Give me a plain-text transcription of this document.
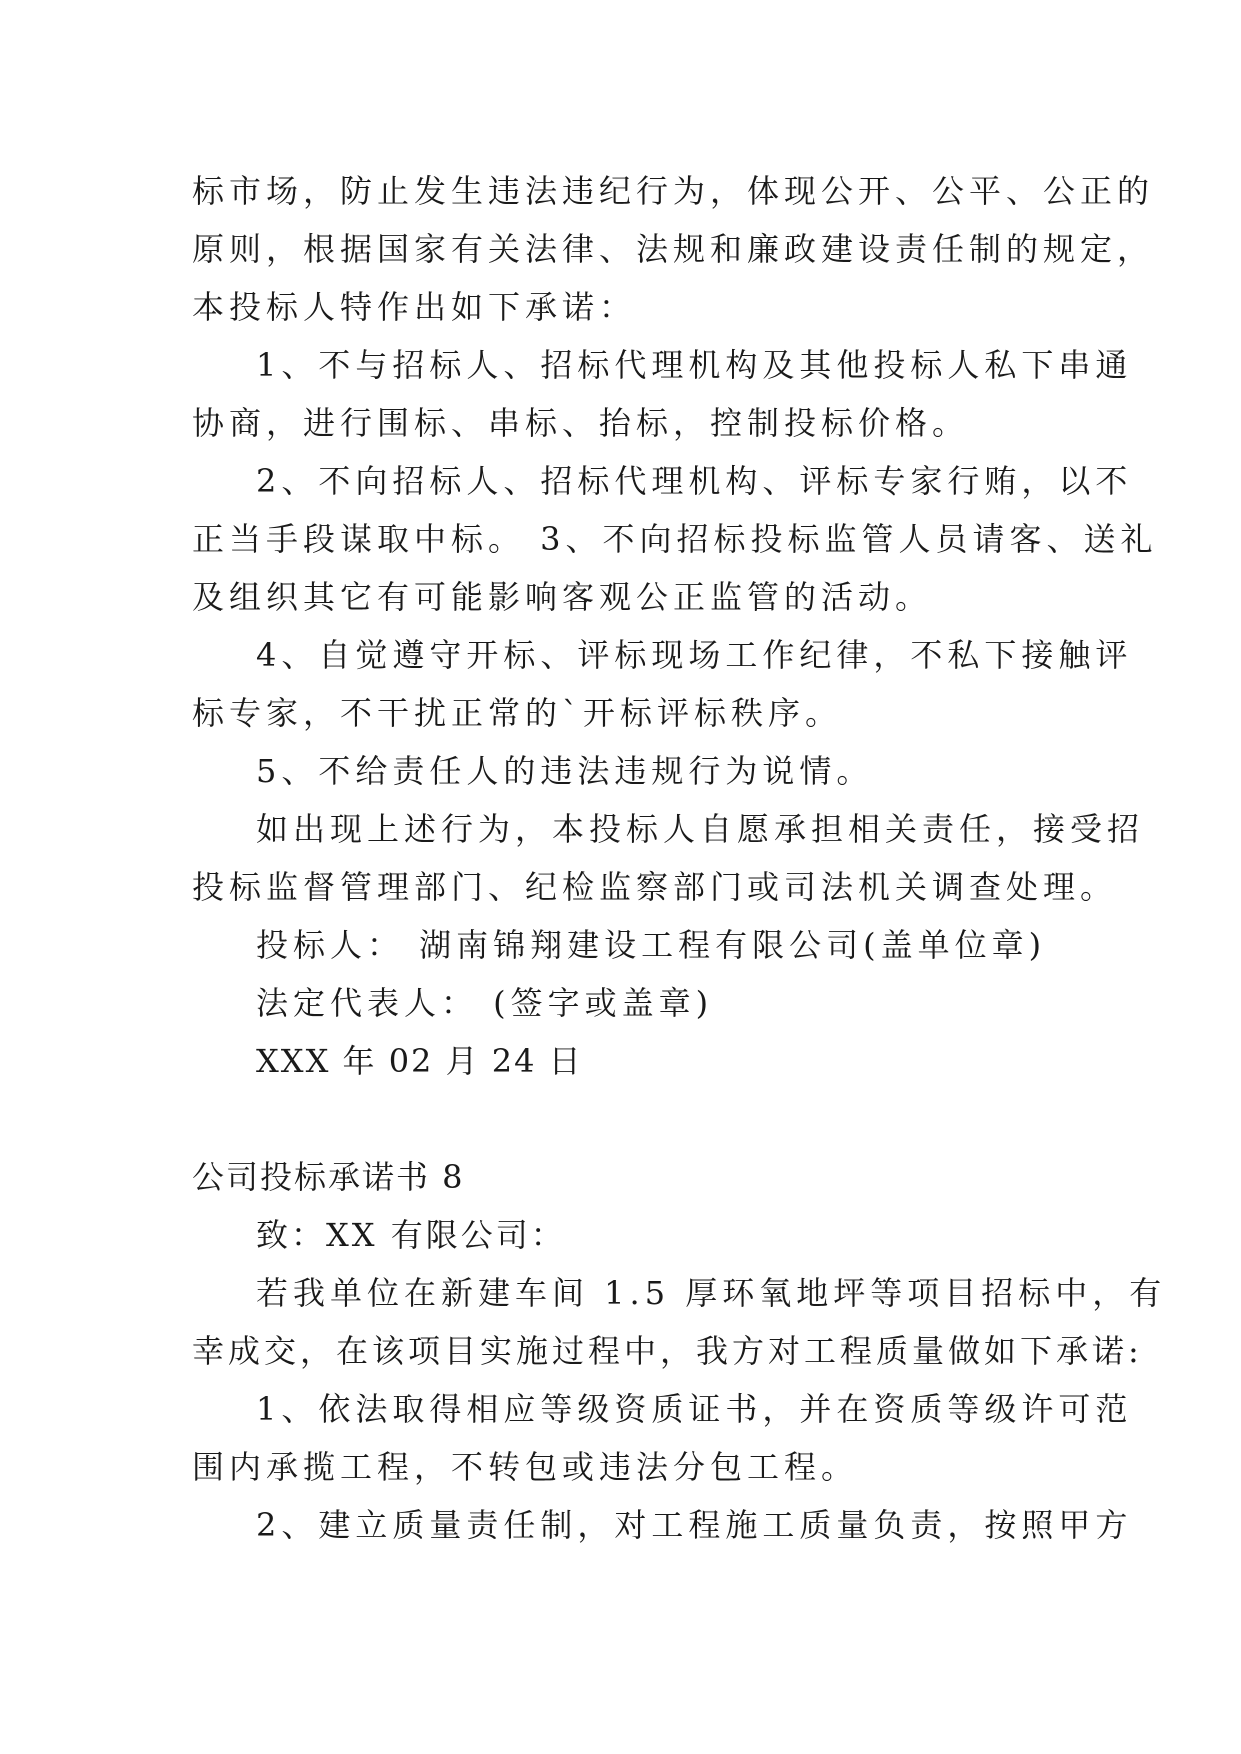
标市场，防止发生违法违纪行为，体现公开、公平、公正的
原则，根据国家有关法律、法规和廉政建设责任制的规定，
本投标人特作出如下承诺：
1、不与招标人、招标代理机构及其他投标人私下串通
协商，进行围标、串标、抬标，控制投标价格。
2、不向招标人、招标代理机构、评标专家行贿，以不
正当手段谋取中标。 3、不向招标投标监管人员请客、送礼
及组织其它有可能影响客观公正监管的活动。
4、自觉遵守开标、评标现场工作纪律，不私下接触评
标专家，不干扰正常的`开标评标秩序。
5、不给责任人的违法违规行为说情。
如出现上述行为，本投标人自愿承担相关责任，接受招
投标监督管理部门、纪检监察部门或司法机关调查处理。
投标人： 湖南锦翔建设工程有限公司(盖单位章)
法定代表人： (签字或盖章)
XXX 年 02 月 24 日
公司投标承诺书 8
致：XX 有限公司：
若我单位在新建车间 1.5 厚环氧地坪等项目招标中，有
幸成交，在该项目实施过程中，我方对工程质量做如下承诺:
1、依法取得相应等级资质证书，并在资质等级许可范
围内承揽工程，不转包或违法分包工程。
2、建立质量责任制，对工程施工质量负责，按照甲方
